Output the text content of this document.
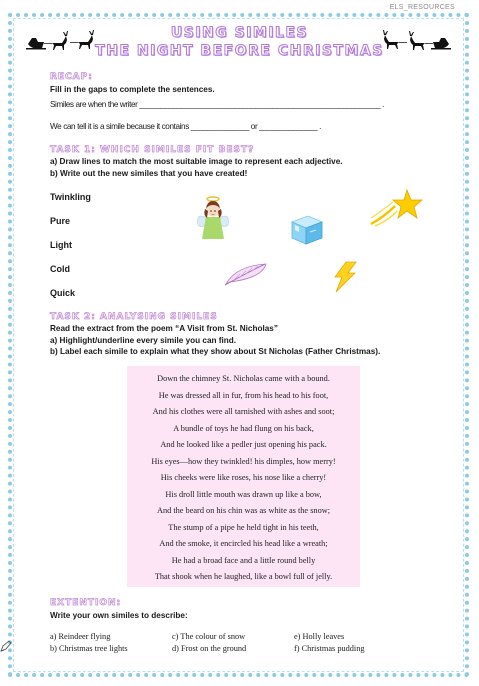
ELS_RESOURCES
USING SIMILES
THE NIGHT BEFORE CHRISTMAS
RECAP:
Fill in the gaps to complete the sentences.
Similes are when the writer __________________________________________________________ .
We can tell it is a simile because it contains ______________ or ______________ .
TASK 1: WHICH SIMILES FIT BEST?
a) Draw lines to match the most suitable image to represent each adjective.
b) Write out the new similes that you have created!
Twinkling
Pure
Light
Cold
Quick
TASK 2: ANALYSING SIMILES
Read the extract from the poem “A Visit from St. Nicholas”
a) Highlight/underline every simile you can find.
b) Label each simile to explain what they show about St Nicholas (Father Christmas).
Down the chimney St. Nicholas came with a bound.
He was dressed all in fur, from his head to his foot,
And his clothes were all tarnished with ashes and soot;
A bundle of toys he had flung on his back,
And he looked like a pedler just opening his pack.
His eyes—how they twinkled! his dimples, how merry!
His cheeks were like roses, his nose like a cherry!
His droll little mouth was drawn up like a bow,
And the beard on his chin was as white as the snow;
The stump of a pipe he held tight in his teeth,
And the smoke, it encircled his head like a wreath;
He had a broad face and a little round belly
That shook when he laughed, like a bowl full of jelly.
EXTENTION:
Write your own similes to describe:
a) Reindeer flying
b) Christmas tree lights
c) The colour of snow
d) Frost on the ground
e) Holly leaves
f) Christmas pudding
